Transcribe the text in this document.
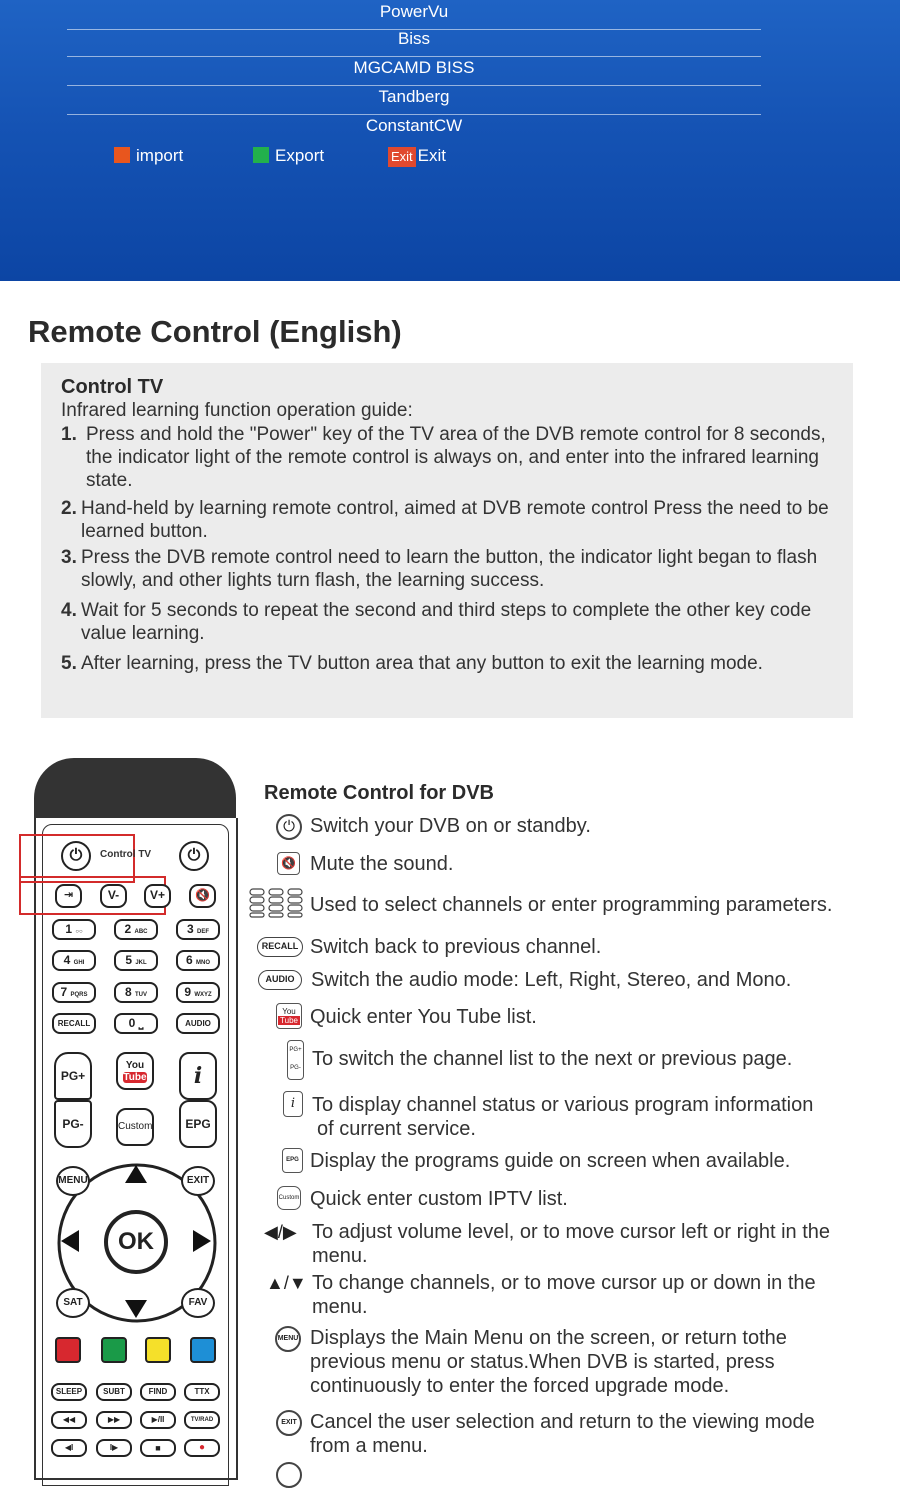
PowerVu
Biss
MGCAMD BISS
Tandberg
ConstantCW
import	Export	Exit Exit
Remote Control (English)
Control TV
Infrared learning function operation guide:
1. Press and hold the "Power" key of the TV area of the DVB remote control for 8 seconds, the indicator light of the remote control is always on, and enter into the infrared learning state.
2. Hand-held by learning remote control, aimed at DVB remote control Press the need to be learned button.
3. Press the DVB remote control need to learn the button, the indicator light began to flash slowly, and other lights turn flash, the learning success.
4. Wait for 5 seconds to repeat the second and third steps to complete the other key code value learning.
5. After learning, press the TV button area that any button to exit the learning mode.
⏻	Control TV	⏻
⇥	V-	V+	🔇
1 ○○	2 ABC	3 DEF
4 GHI	5 JKL	6 MNO
7 PQRS	8 TUV	9 WXYZ
RECALL	0 ⎵	AUDIO
PG+
PG-
You
Tube	i
Custom	EPG
MENU	EXIT
SAT	FAV
OK
SLEEP	SUBT	FIND	TTX
◀◀	▶▶	▶/II	TV/RAD
◀I	I▶	■	●
Remote Control for DVB
⏻ Switch your DVB on or standby.
🔇 Mute the sound.
Used to select channels or enter programming parameters.
RECALL Switch back to previous channel.
AUDIO Switch the audio mode: Left, Right, Stereo, and Mono.
You
Tube Quick enter You Tube list.
PG+
PG- To switch the channel list to the next or previous page.
i To display channel status or various program information
of current service.
EPG Display the programs guide on screen when available.
Custom Quick enter custom IPTV list.
◀/▶ To adjust volume level, or to move cursor left or right in the
menu.
▲/▼ To change channels, or to move cursor up or down in the
menu.
MENU Displays the Main Menu on the screen, or return tothe
previous menu or status.When DVB is started, press
continuously to enter the forced upgrade mode.
EXIT Cancel the user selection and return to the viewing mode
from a menu.
